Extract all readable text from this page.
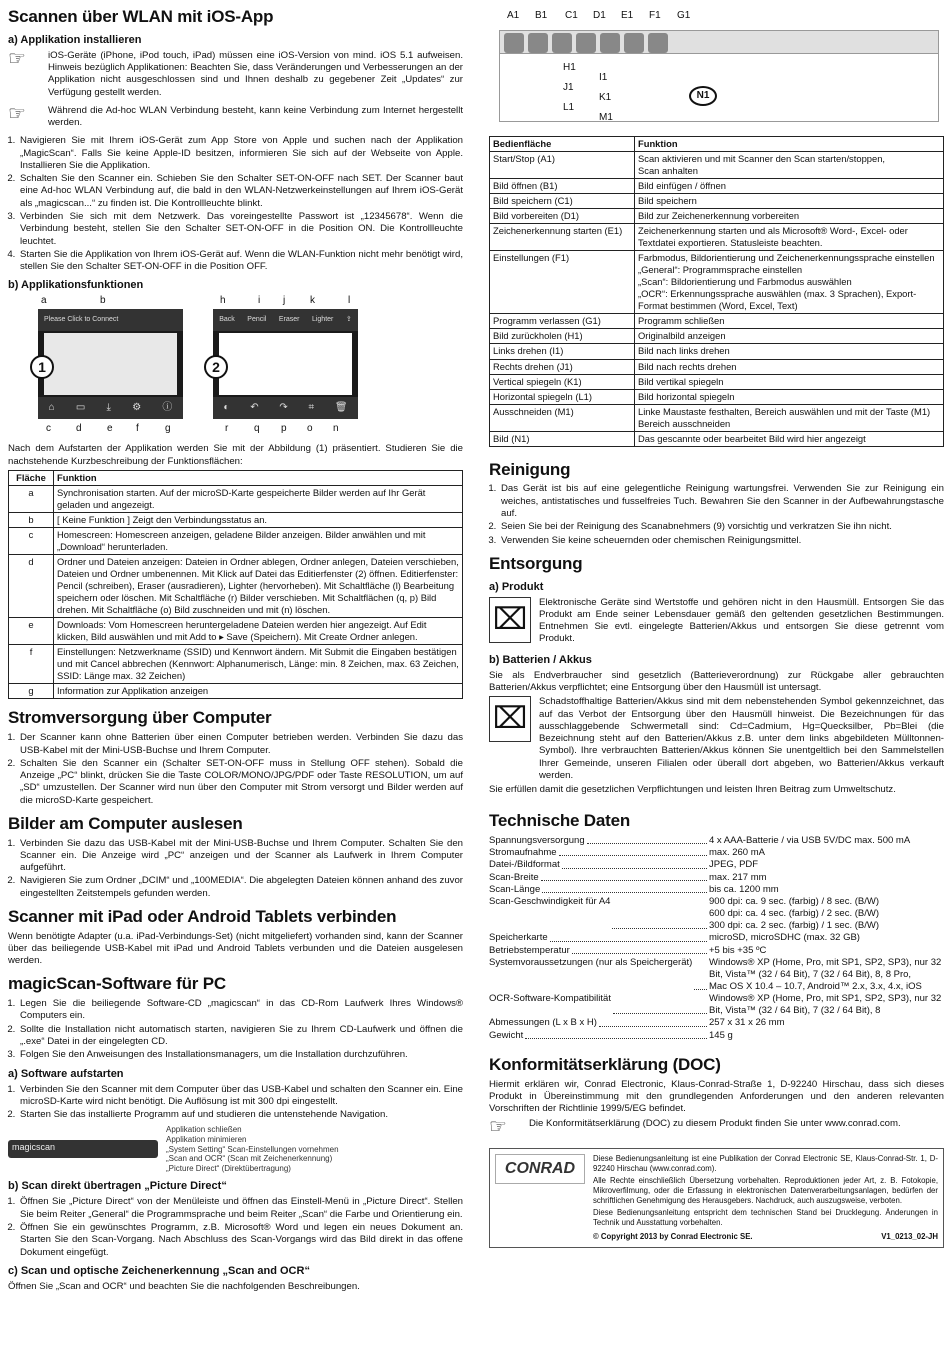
Scannen über WLAN mit iOS-App
a) Applikation installieren
☞	iOS-Geräte (iPhone, iPod touch, iPad) müssen eine iOS-Version von mind. iOS 5.1 aufweisen. Hinweis bezüglich Applikationen: Beachten Sie, dass Veränderungen und Verbesserungen an der Applikation nicht ausgeschlossen sind und Ihnen deshalb zu gegebener Zeit „Updates“ zur Verfügung gestellt werden.

☞	Während die Ad-hoc WLAN Verbindung besteht, kann keine Verbindung zum Internet hergestellt werden.

1. Navigieren Sie mit Ihrem iOS-Gerät zum App Store von Apple und suchen nach der Applikation „MagicScan“. Falls Sie keine Apple-ID besitzen, informieren Sie sich auf der Webseite von Apple. Installieren Sie die Applikation.
2. Schalten Sie den Scanner ein. Schieben Sie den Schalter SET-ON-OFF nach SET. Der Scanner baut eine Ad-hoc WLAN Verbindung auf, die bald in den WLAN-Netzwerkeinstellungen auf Ihrem iOS-Gerät als „magicscan...“ zu finden ist. Die Kontrollleuchte blinkt.
3. Verbinden Sie sich mit dem Netzwerk. Das voreingestellte Passwort ist „12345678“. Wenn die Verbindung besteht, stellen Sie den Schalter SET-ON-OFF in die Position ON. Die Kontrollleuchte leuchtet.
4. Starten Sie die Applikation von Ihrem iOS-Gerät auf. Wenn die WLAN-Funktion nicht mehr benötigt wird, stellen Sie den Schalter SET-ON-OFF in die Position OFF.
b) Applikationsfunktionen
a	b	h	i j k	l
Please Click to Connect
⌂ ▭ ⤓ ⚙ ⓘ
Back Pencil Eraser Lighter ⇪
◐ ↶ ↷ ⌗ 🗑
1	2
c	d	e f	g	r	q p o n

Nach dem Aufstarten der Applikation werden Sie mit der Abbildung (1) präsentiert. Studieren Sie die nachstehende Kurzbeschreibung der Funktionsflächen:

Fläche	Funktion
a	Synchronisation starten. Auf der microSD-Karte gespeicherte Bilder werden auf Ihr Gerät geladen und angezeigt.
b	[ Keine Funktion ] Zeigt den Verbindungsstatus an.
c	Homescreen: Homescreen anzeigen, geladene Bilder anzeigen. Bilder anwählen und mit „Download“ herunterladen.
d	Ordner und Dateien anzeigen: Dateien in Ordner ablegen, Ordner anlegen, Dateien verschieben, Dateien und Ordner umbenennen. Mit Klick auf Datei das Editierfenster (2) öffnen. Editierfenster: Pencil (schreiben), Eraser (ausradieren), Lighter (hervorheben). Mit Schaltfläche (l) Bearbeitung speichern oder löschen. Mit Schaltfläche (r) Bilder verschieben. Mit Schaltflächen (q, p) Bild drehen. Mit Schaltfläche (o) Bild zuschneiden und mit (n) löschen.
e	Downloads: Vom Homescreen heruntergeladene Dateien werden hier angezeigt. Auf Edit klicken, Bild auswählen und mit Add to ▸ Save (Speichern). Mit Create Ordner anlegen.
f	Einstellungen: Netzwerkname (SSID) und Kennwort ändern. Mit Submit die Eingaben bestätigen und mit Cancel abbrechen (Kennwort: Alphanumerisch, Länge: min. 8 Zeichen, max. 63 Zeichen, SSID: Länge max. 32 Zeichen)
g	Information zur Applikation anzeigen
Stromversorgung über Computer
1. Der Scanner kann ohne Batterien über einen Computer betrieben werden. Verbinden Sie dazu das USB-Kabel mit der Mini-USB-Buchse und Ihrem Computer.
2. Schalten Sie den Scanner ein (Schalter SET-ON-OFF muss in Stellung OFF stehen). Sobald die Anzeige „PC“ blinkt, drücken Sie die Taste COLOR/MONO/JPG/PDF oder Taste RESOLUTION, um auf „SD“ umzustellen. Der Scanner wird nun über den Computer mit Strom versorgt und Bilder werden auf die microSD-Karte gespeichert.
Bilder am Computer auslesen
1. Verbinden Sie dazu das USB-Kabel mit der Mini-USB-Buchse und Ihrem Computer. Schalten Sie den Scanner ein. Die Anzeige wird „PC“ anzeigen und der Scanner als Laufwerk in Ihrem Computer aufgeführt.
2. Navigieren Sie zum Ordner „DCIM“ und „100MEDIA“. Die abgelegten Dateien können anhand des zuvor eingestellten Zeitstempels gefunden werden.
Scanner mit iPad oder Android Tablets verbinden

Wenn benötigte Adapter (u.a. iPad-Verbindungs-Set) (nicht mitgeliefert) vorhanden sind, kann der Scanner über das beiliegende USB-Kabel mit iPad und Android Tablets verbunden und die Dateien ausgelesen werden.

magicScan-Software für PC
1. Legen Sie die beiliegende Software-CD „magicscan“ in das CD-Rom Laufwerk Ihres Windows® Computers ein.
2. Sollte die Installation nicht automatisch starten, navigieren Sie zu Ihrem CD-Laufwerk und öffnen die „.exe“ Datei in der eingelegten CD.
3. Folgen Sie den Anweisungen des Installationsmanagers, um die Installation durchzuführen.
a) Software aufstarten
1. Verbinden Sie den Scanner mit dem Computer über das USB-Kabel und schalten den Scanner ein. Eine microSD-Karte wird nicht benötigt. Die Auflösung ist mit 300 dpi eingestellt.
2. Starten Sie das installierte Programm auf und studieren die untenstehende Navigation.
magicscan
Applikation schließen
Applikation minimieren
„System Setting“ Scan-Einstellungen vornehmen
„Scan and OCR“ (Scan mit Zeichenerkennung)
„Picture Direct“ (Direktübertragung)
b) Scan direkt übertragen „Picture Direct“
1. Öffnen Sie „Picture Direct“ von der Menüleiste und öffnen das Einstell-Menü in „Picture Direct“. Stellen Sie beim Reiter „General“ die Programmsprache und beim Reiter „Scan“ die Farbe und Orientierung ein.
2. Öffnen Sie ein gewünschtes Programm, z.B. Microsoft® Word und legen ein neues Dokument an. Starten Sie den Scan-Vorgang. Nach Abschluss des Scan-Vorgangs wird das Bild direkt in das offene Dokument eingefügt.
c) Scan und optische Zeichenerkennung „Scan and OCR“

Öffnen Sie „Scan and OCR“ und beachten Sie die nachfolgenden Beschreibungen.

A1 B1 C1 D1 E1 F1 G1
H1
J1
L1
I1
K1
M1
N1
Bedienfläche	Funktion
Start/Stop (A1)	Scan aktivieren und mit Scanner den Scan starten/stoppen,
Scan anhalten
Bild öffnen (B1)	Bild einfügen / öffnen
Bild speichern (C1)	Bild speichern
Bild vorbereiten (D1)	Bild zur Zeichenerkennung vorbereiten
Zeichenerkennung starten (E1)	Zeichenerkennung starten und als Microsoft® Word-, Excel- oder Textdatei exportieren. Statusleiste beachten.
Einstellungen (F1)	Farbmodus, Bildorientierung und Zeichenerkennungssprache einstellen
„General“: Programmsprache einstellen
„Scan“: Bildorientierung und Farbmodus auswählen
„OCR“: Erkennungssprache auswählen (max. 3 Sprachen), Export-Format bestimmen (Word, Excel, Text)
Programm verlassen (G1)	Programm schließen
Bild zurückholen (H1)	Originalbild anzeigen
Links drehen (I1)	Bild nach links drehen
Rechts drehen (J1)	Bild nach rechts drehen
Vertical spiegeln (K1)	Bild vertikal spiegeln
Horizontal spiegeln (L1)	Bild horizontal spiegeln
Ausschneiden (M1)	Linke Maustaste festhalten, Bereich auswählen und mit der Taste (M1) Bereich ausschneiden
Bild (N1)	Das gescannte oder bearbeitet Bild wird hier angezeigt
Reinigung
1. Das Gerät ist bis auf eine gelegentliche Reinigung wartungsfrei. Verwenden Sie zur Reinigung ein weiches, antistatisches und fusselfreies Tuch. Bewahren Sie den Scanner in der Aufbewahrungstasche auf.
2. Seien Sie bei der Reinigung des Scanabnehmers (9) vorsichtig und verkratzen Sie ihn nicht.
3. Verwenden Sie keine scheuernden oder chemischen Reinigungsmittel.
Entsorgung
a) Produkt
⌧

Elektronische Geräte sind Wertstoffe und gehören nicht in den Hausmüll. Entsorgen Sie das Produkt am Ende seiner Lebensdauer gemäß den geltenden gesetzlichen Bestimmungen. Entnehmen Sie evtl. eingelegte Batterien/Akkus und entsorgen Sie diese getrennt vom Produkt.

b) Batterien / Akkus

Sie als Endverbraucher sind gesetzlich (Batterieverordnung) zur Rückgabe aller gebrauchten Batterien/Akkus verpflichtet; eine Entsorgung über den Hausmüll ist untersagt.

⌧

Schadstoffhaltige Batterien/Akkus sind mit dem nebenstehenden Symbol gekennzeichnet, das auf das Verbot der Entsorgung über den Hausmüll hinweist. Die Bezeichnungen für das ausschlaggebende Schwermetall sind: Cd=Cadmium, Hg=Quecksilber, Pb=Blei (die Bezeichnung steht auf den Batterien/Akkus z.B. unter dem links abgebildeten Mülltonnen-Symbol). Ihre verbrauchten Batterien/Akkus können Sie unentgeltlich bei den Sammelstellen Ihrer Gemeinde, unseren Filialen oder überall dort abgeben, wo Batterien/Akkus verkauft werden.

Sie erfüllen damit die gesetzlichen Verpflichtungen und leisten Ihren Beitrag zum Umweltschutz.

Technische Daten
Spannungsversorgung	4 x AAA-Batterie / via USB 5V/DC max. 500 mA
Stromaufnahme	max. 260 mA
Datei-/Bildformat	JPEG, PDF
Scan-Breite	max. 217 mm
Scan-Länge	bis ca. 1200 mm
Scan-Geschwindigkeit für A4	900 dpi: ca. 9 sec. (farbig) / 8 sec. (B/W)
600 dpi: ca. 4 sec. (farbig) / 2 sec. (B/W)
300 dpi: ca. 2 sec. (farbig) / 1 sec. (B/W)
Speicherkarte	microSD, microSDHC (max. 32 GB)
Betriebstemperatur	+5 bis +35 ºC
Systemvoraussetzungen (nur als Speichergerät) Windows® XP (Home, Pro, mit SP1, SP2, SP3), nur 32 Bit, Vista™ (32 / 64 Bit), 7 (32 / 64 Bit), 8, 8 Pro,
Mac OS X 10.4 – 10.7, Android™ 2.x, 3.x, 4.x, iOS
OCR-Software-Kompatibilität	Windows® XP (Home, Pro, mit SP1, SP2, SP3), nur 32 Bit, Vista™ (32 / 64 Bit), 7 (32 / 64 Bit), 8
Abmessungen (L x B x H)	257 x 31 x 26 mm
Gewicht	145 g
Konformitätserklärung (DOC)

Hiermit erklären wir, Conrad Electronic, Klaus-Conrad-Straße 1, D-92240 Hirschau, dass sich dieses Produkt in Übereinstimmung mit den grundlegenden Anforderungen und den anderen relevanten Vorschriften der Richtlinie 1999/5/EG befindet.

☞	Die Konformitätserklärung (DOC) zu diesem Produkt finden Sie unter www.conrad.com.

CONRAD

Diese Bedienungsanleitung ist eine Publikation der Conrad Electronic SE, Klaus-Conrad-Str. 1, D-92240 Hirschau (www.conrad.com).

Alle Rechte einschließlich Übersetzung vorbehalten. Reproduktionen jeder Art, z. B. Fotokopie, Mikroverfilmung, oder die Erfassung in elektronischen Datenverarbeitungsanlagen, bedürfen der schriftlichen Genehmigung des Herausgebers. Nachdruck, auch auszugsweise, verboten.

Diese Bedienungsanleitung entspricht dem technischen Stand bei Drucklegung. Änderungen in Technik und Ausstattung vorbehalten.

© Copyright 2013 by Conrad Electronic SE.	V1_0213_02-JH
